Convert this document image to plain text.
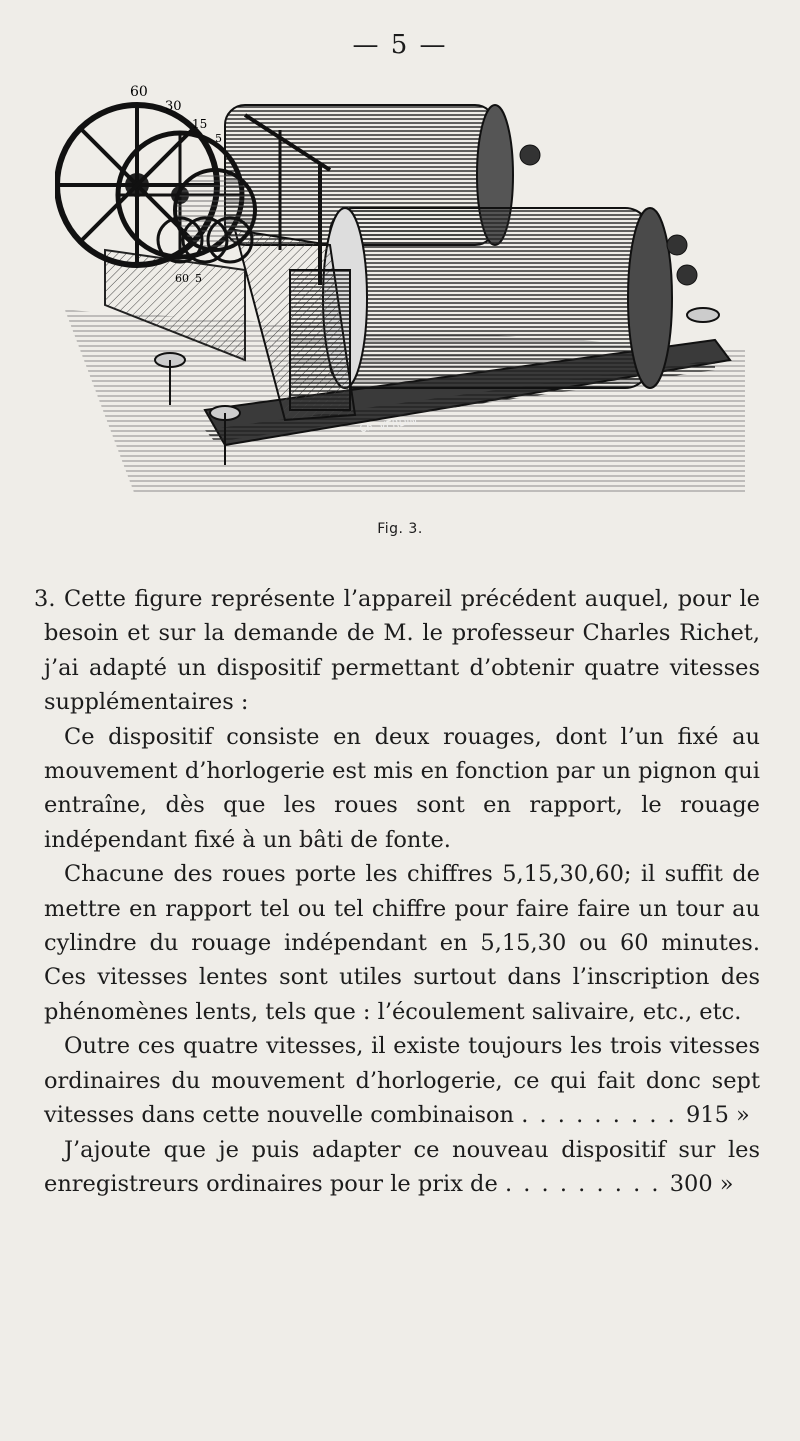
— 5 —
60
30
15
5
60 5
Ch. VERDIN
Fig. 3.

3. Cette figure représente l’appareil précédent auquel, pour le besoin et sur la demande de M. le professeur Charles Richet, j’ai adapté un dispositif permettant d’obtenir quatre vitesses supplémentaires :

Ce dispositif consiste en deux rouages, dont l’un fixé au mouvement d’horlogerie est mis en fonction par un pignon qui entraîne, dès que les roues sont en rapport, le rouage indépendant fixé à un bâti de fonte.

Chacune des roues porte les chiffres 5,15,30,60; il suffit de mettre en rapport tel ou tel chiffre pour faire faire un tour au cylindre du rouage indépendant en 5,15,30 ou 60 minutes. Ces vitesses lentes sont utiles surtout dans l’inscription des phénomènes lents, tels que : l’écoulement salivaire, etc., etc.

Outre ces quatre vitesses, il existe toujours les trois vitesses ordinaires du mouvement d’horlogerie, ce qui fait donc sept vitesses dans cette nouvelle combinaison . . . . . . . . . 915 »

J’ajoute que je puis adapter ce nouveau dispositif sur les enregistreurs ordinaires pour le prix de . . . . . . . . . 300 »
